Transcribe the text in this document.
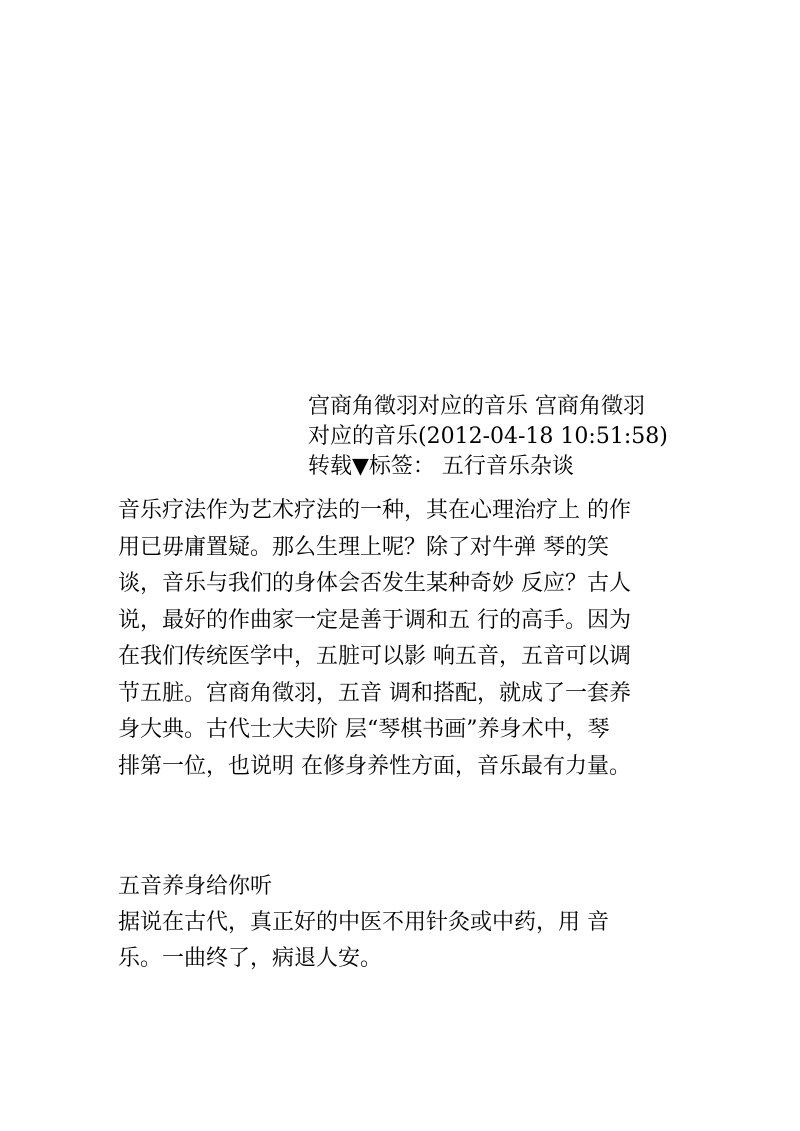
宫商角徵羽对应的音乐 宫商角徵羽
对应的音乐(2012-04-18 10:51:58)
转载▼标签： 五行音乐杂谈
音乐疗法作为艺术疗法的一种，其在心理治疗上 的作
用已毋庸置疑。那么生理上呢？除了对牛弹 琴的笑
谈，音乐与我们的身体会否发生某种奇妙 反应？古人
说，最好的作曲家一定是善于调和五 行的高手。因为
在我们传统医学中，五脏可以影 响五音，五音可以调
节五脏。宫商角徵羽，五音 调和搭配，就成了一套养
身大典。古代士大夫阶 层“琴棋书画”养身术中，琴
排第一位，也说明 在修身养性方面，音乐最有力量。
五音养身给你听
据说在古代，真正好的中医不用针灸或中药，用 音
乐。一曲终了，病退人安。
